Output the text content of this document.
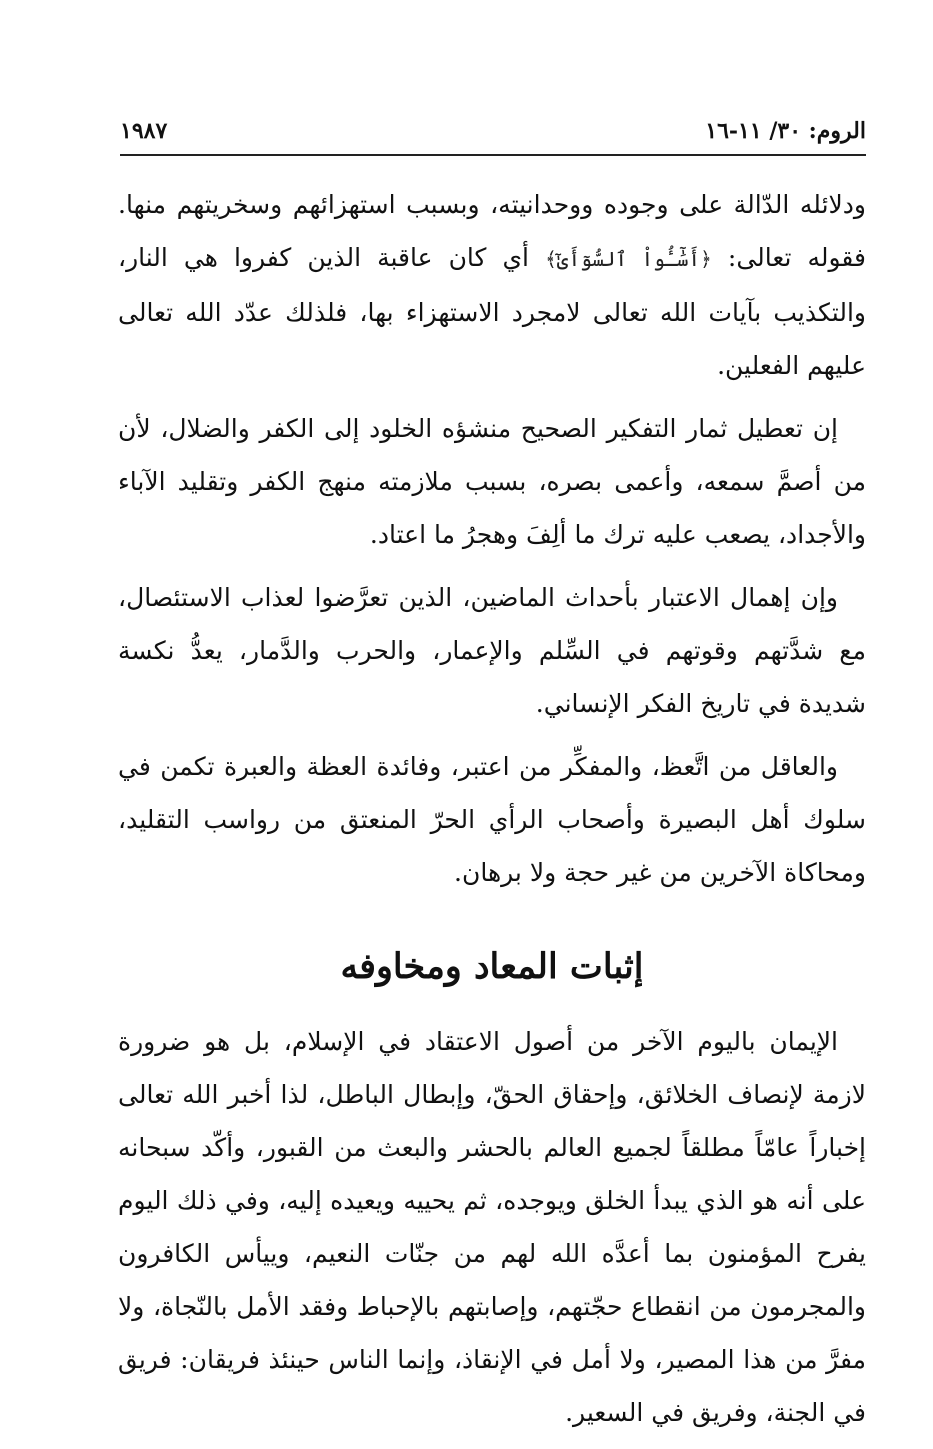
١٩٨٧	الروم: ٣٠/ ١١-١٦

ودلائله الدّالة على وجوده ووحدانيته، وبسبب استهزائهم وسخريتهم منها. فقوله تعالى: ﴿أَسَٰٓـُٔواْ ٱلسُّوٓأَىٰٓ﴾ أي كان عاقبة الذين كفروا هي النار، والتكذيب بآيات الله تعالى لامجرد الاستهزاء بها، فلذلك عدّد الله تعالى عليهم الفعلين.

إن تعطيل ثمار التفكير الصحيح منشؤه الخلود إلى الكفر والضلال، لأن من أصمَّ سمعه، وأعمى بصره، بسبب ملازمته منهج الكفر وتقليد الآباء والأجداد، يصعب عليه ترك ما ألِفَ وهجرُ ما اعتاد.

وإن إهمال الاعتبار بأحداث الماضين، الذين تعرَّضوا لعذاب الاستئصال، مع شدَّتهم وقوتهم في السِّلم والإعمار، والحرب والدَّمار، يعدُّ نكسة شديدة في تاريخ الفكر الإنساني.

والعاقل من اتَّعظ، والمفكِّر من اعتبر، وفائدة العظة والعبرة تكمن في سلوك أهل البصيرة وأصحاب الرأي الحرّ المنعتق من رواسب التقليد، ومحاكاة الآخرين من غير حجة ولا برهان.

إثبات المعاد ومخاوفه

الإيمان باليوم الآخر من أصول الاعتقاد في الإسلام، بل هو ضرورة لازمة لإنصاف الخلائق، وإحقاق الحقّ، وإبطال الباطل، لذا أخبر الله تعالى إخباراً عامّاً مطلقاً لجميع العالم بالحشر والبعث من القبور، وأكّد سبحانه على أنه هو الذي يبدأ الخلق ويوجده، ثم يحييه ويعيده إليه، وفي ذلك اليوم يفرح المؤمنون بما أعدَّه الله لهم من جنّات النعيم، وييأس الكافرون والمجرمون من انقطاع حجّتهم، وإصابتهم بالإحباط وفقد الأمل بالنّجاة، ولا مفرَّ من هذا المصير، ولا أمل في الإنقاذ، وإنما الناس حينئذ فريقان: فريق في الجنة، وفريق في السعير.
